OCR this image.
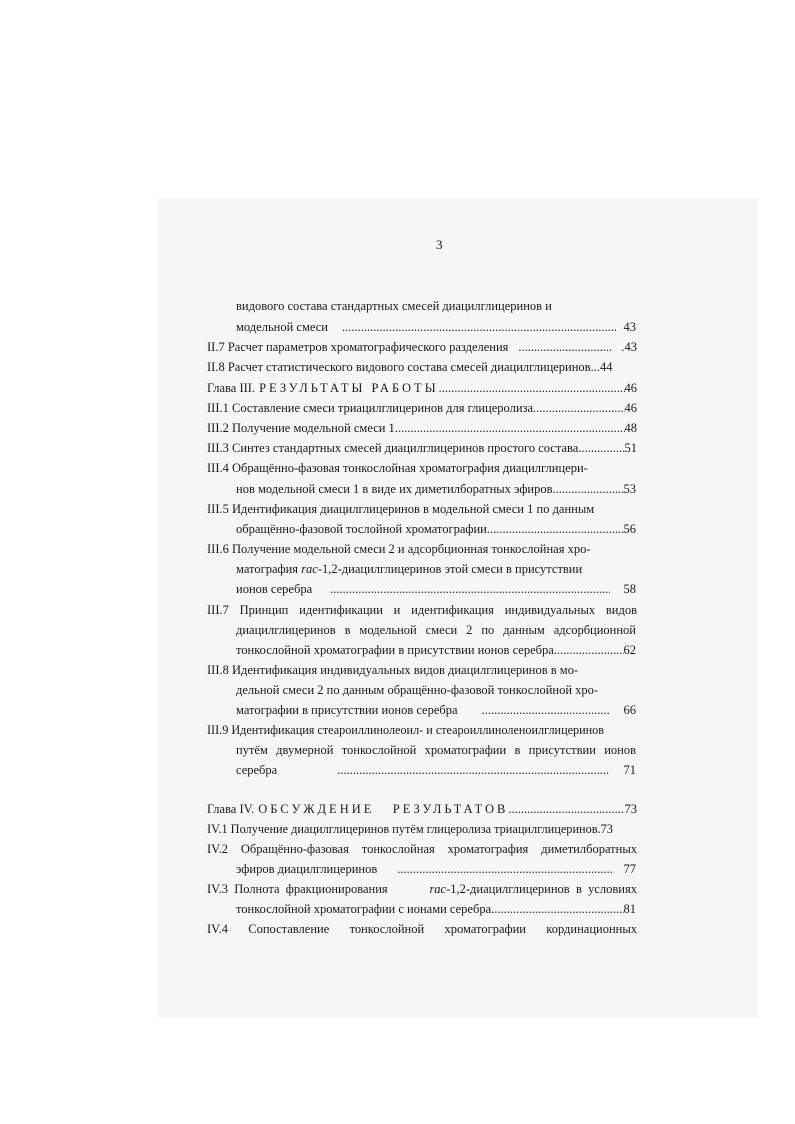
3
видового состава стандартных смесей диацилглицеринов и
модельной смеси .....	43
II.7 Расчет параметров хроматографического разделения .....	.43
II.8 Расчет статистического видового состава смесей диацилглицеринов...44
Глава III. РЕЗУЛЬТАТЫ РАБОТЫ .....	46
III.1 Составление смеси триацилглицеринов для глицеролиза .....	46
III.2 Получение модельной смеси 1 .....	48
III.3 Синтез стандартных смесей диацилглицеринов простого состава .....	51
III.4 Обращённо-фазовая тонкослойная хроматография диацилглицери-
нов модельной смеси 1 в виде их диметилборатных эфиров .....	53
III.5 Идентификация диацилглицеринов в модельной смеси 1 по данным
обращённо-фазовой тослойной хроматографии. .....	56
III.6 Получение модельной смеси 2 и адсорбционная тонкослойная хро-
матография rac-1,2-диацилглицеринов этой смеси в присутствии
ионов серебра .....	58
III.7 Принцип идентификации и идентификация индивидуальных видов
диацилглицеринов в модельной смеси 2 по данным адсорбционной
тонкослойной хроматографии в присутствии ионов серебра .....	62
III.8 Идентификация индивидуальных видов диацилглицеринов в мо-
дельной смеси 2 по данным обращённо-фазовой тонкослойной хро-
матографии в присутствии ионов серебра .....	66
III.9 Идентификация стеароиллинолеоил- и стеароиллиноленоилглицеринов
путём двумерной тонкослойной хроматографии в присутствии ионов
серебра .....	71
Глава IV. ОБСУЖДЕНИЕ   РЕЗУЛЬТАТОВ .....	73
IV.1 Получение диацилглицеринов путём глицеролиза триацилглицеринов.73
IV.2 Обращённо-фазовая тонкослойная хроматография диметилборатных
эфиров диацилглицеринов .....	77
IV.3  Полнота  фракционирования	rac-1,2-диацилглицеринов  в  условиях
тонкослойной хроматографии с ионами серебра .....	81
IV.4 Сопоставление тонкослойной хроматографии кординационных
